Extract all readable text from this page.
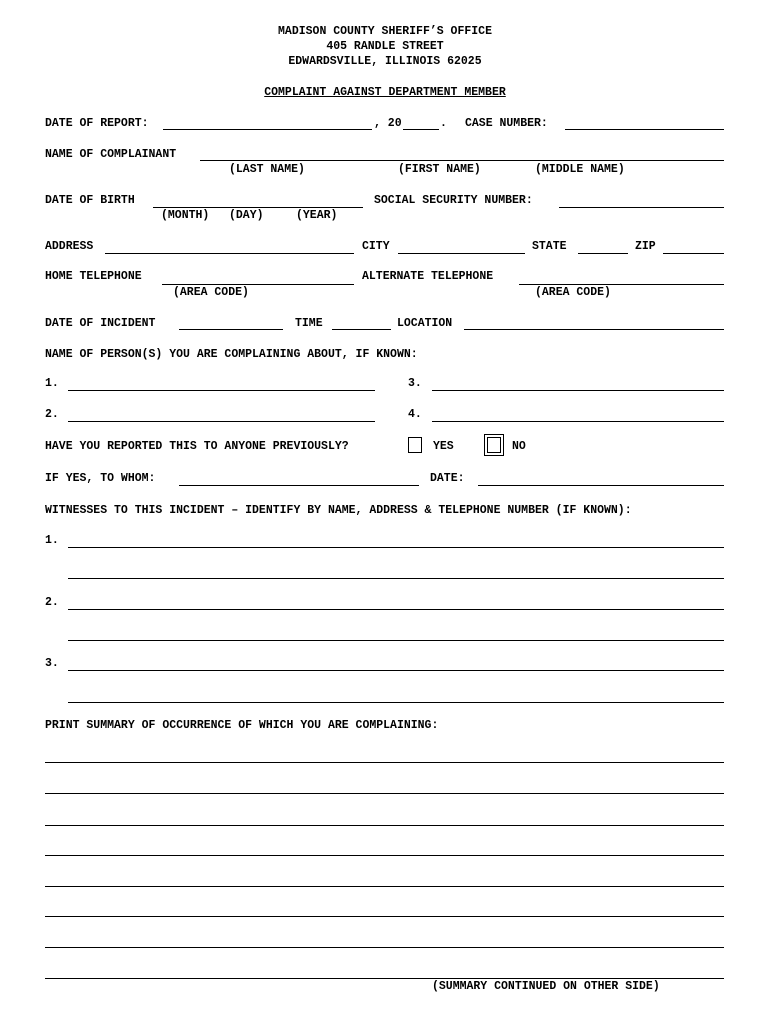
MADISON COUNTY SHERIFF’S OFFICE
405 RANDLE STREET
EDWARDSVILLE, ILLINOIS 62025
COMPLAINT AGAINST DEPARTMENT MEMBER
DATE OF REPORT:	, 20	. CASE NUMBER:
NAME OF COMPLAINANT
(LAST NAME)	(FIRST NAME)	(MIDDLE NAME)
DATE OF BIRTH
(MONTH) (DAY)	(YEAR)
SOCIAL SECURITY NUMBER:
ADDRESS	CITY	STATE	ZIP
HOME TELEPHONE
(AREA CODE)
ALTERNATE TELEPHONE
(AREA CODE)
DATE OF INCIDENT	TIME	LOCATION
NAME OF PERSON(S) YOU ARE COMPLAINING ABOUT, IF KNOWN:
1.	3.
2.	4.
HAVE YOU REPORTED THIS TO ANYONE PREVIOUSLY?	YES	NO
IF YES, TO WHOM:	DATE:
WITNESSES TO THIS INCIDENT – IDENTIFY BY NAME, ADDRESS & TELEPHONE NUMBER (IF KNOWN):
1.
2.
3.
PRINT SUMMARY OF OCCURRENCE OF WHICH YOU ARE COMPLAINING:
(SUMMARY CONTINUED ON OTHER SIDE)
